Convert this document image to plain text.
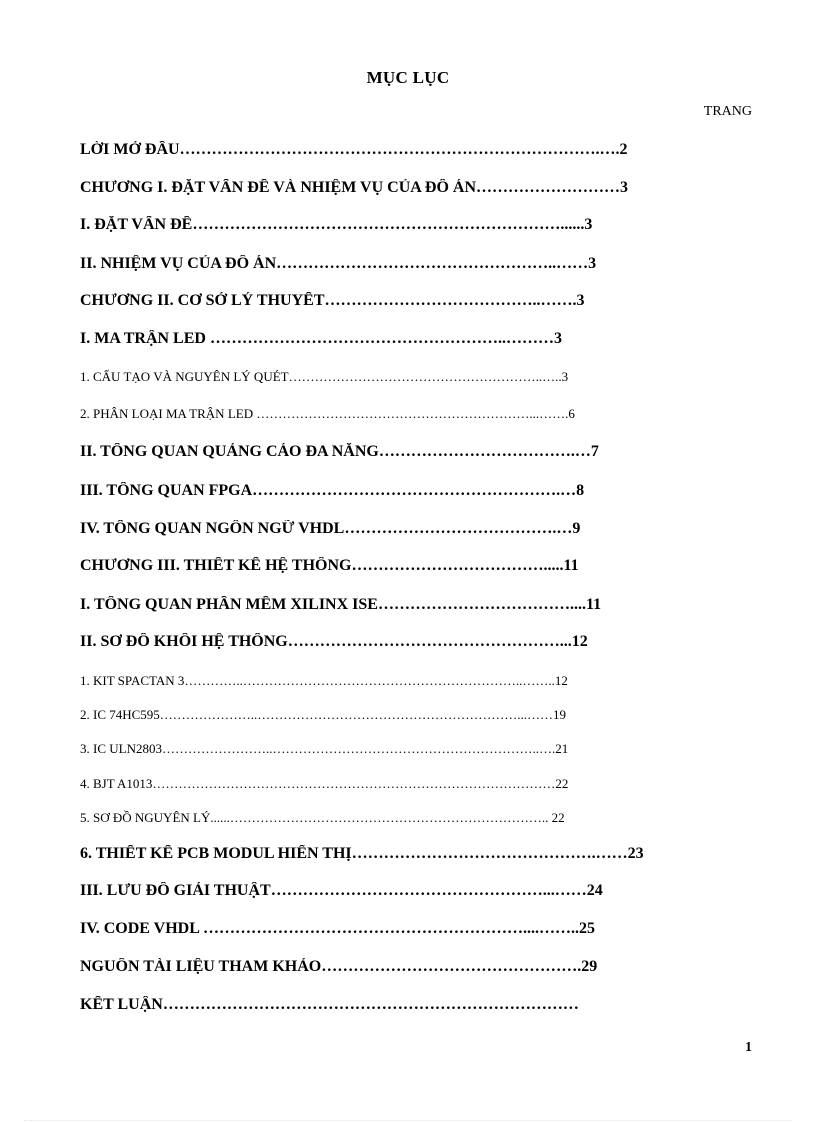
MỤC LỤC
TRANG
LỜI MỞ ĐẦU…………………………………………………………………….….2
CHƯƠNG I. ĐẶT VẤN ĐỀ VÀ NHIỆM VỤ CỦA ĐỒ ÁN………………………3
I. ĐẶT VẤN ĐỀ……………………………………………………………......3
II. NHIỆM VỤ CỦA ĐỒ ÁN……………………………………………..……3
CHƯƠNG II. CƠ SỞ LÝ THUYẾT…………………………………..…….3
I. MA TRẬN LED ………………………………………………..………3
1. CẤU TẠO VÀ NGUYÊN LÝ QUÉT…………………………………………………..…..3
2. PHÂN LOẠI MA TRẬN LED ………………………………………………………...…….6
II. TỔNG QUAN QUẢNG CÁO ĐA NĂNG……………………………….…7
III. TỔNG QUAN FPGA………………………………………………….…8
IV. TỔNG QUAN NGÔN NGỮ VHDL………………………………….…9
CHƯƠNG III. THIẾT KẾ HỆ THỐNG……………………………….....11
I. TỔNG QUAN PHẦN MỀM XILINX ISE………………………………....11
II. SƠ ĐỒ KHỐI HỆ THỐNG……………………………………………...12
1. KIT SPACTAN 3…………..………………………………………………………..……..12
2. IC 74HC595…………………..……………………………………………………...……19
3. IC ULN2803……………………..……………………………………………………..….21
4. BJT A1013…………………………………………………………………………………22
5. SƠ ĐỒ NGUYÊN LÝ......……………………………………………………………….. 22
6. THIẾT KẾ PCB MODUL HIỂN THỊ……………………………………….……23
III. LƯU ĐỒ GIẢI THUẬT……………………………………………...……24
IV. CODE VHDL ……………………………………………………....……..25
NGUỒN TÀI LIỆU THAM KHẢO………………………………………….29
KẾT LUẬN……………………………………………………………………
1
